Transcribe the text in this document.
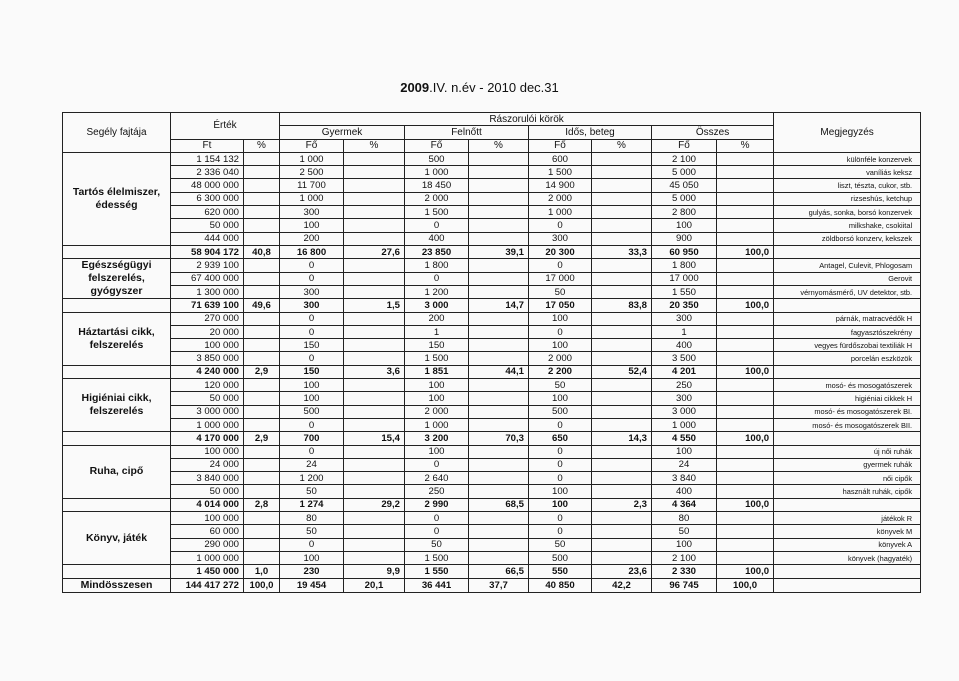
2009.IV. n.év - 2010 dec.31
Segély fajtája	Érték		Rászorulói körök								Megjegyzés
			Gyermek		Felnőtt		Idős, beteg		Összes		
	Ft	%	Fő	%	Fő	%	Fő	%	Fő	%	
Tartós élelmiszer, édesség	1 154 132		1 000		500		600		2 100		különféle konzervek
	2 336 040		2 500		1 000		1 500		5 000		vaníliás keksz
	48 000 000		11 700		18 450		14 900		45 050		liszt, tészta, cukor, stb.
	6 300 000		1 000		2 000		2 000		5 000		rizseshús, ketchup
	620 000		300		1 500		1 000		2 800		gulyás, sonka, borsó konzervek
	50 000		100		0		0		100		milkshake, csokiital
	444 000		200		400		300		900		zöldborsó konzerv, kekszek
	58 904 172	40,8	16 800	27,6	23 850	39,1	20 300	33,3	60 950	100,0	
Egészségügyi felszerelés, gyógyszer	2 939 100		0		1 800		0		1 800		Antagel, Culevit, Phlogosam
	67 400 000		0		0		17 000		17 000		Gerovit
	1 300 000		300		1 200		50		1 550		vérnyomásmérő, UV detektor, stb.
	71 639 100	49,6	300	1,5	3 000	14,7	17 050	83,8	20 350	100,0	
Háztartási cikk, felszerelés	270 000		0		200		100		300		párnák, matracvédők H
	20 000		0		1		0		1		fagyasztószekrény
	100 000		150		150		100		400		vegyes fürdőszobai textiliák H
	3 850 000		0		1 500		2 000		3 500		porcelán eszközök
	4 240 000	2,9	150	3,6	1 851	44,1	2 200	52,4	4 201	100,0	
Higiéniai cikk, felszerelés	120 000		100		100		50		250		mosó- és mosogatószerek
	50 000		100		100		100		300		higiéniai cikkek H
	3 000 000		500		2 000		500		3 000		mosó- és mosogatószerek BI.
	1 000 000		0		1 000		0		1 000		mosó- és mosogatószerek BII.
	4 170 000	2,9	700	15,4	3 200	70,3	650	14,3	4 550	100,0	
Ruha, cipő	100 000		0		100		0		100		új női ruhák
	24 000		24		0		0		24		gyermek ruhák
	3 840 000		1 200		2 640		0		3 840		női cipők
	50 000		50		250		100		400		használt ruhák, cipők
	4 014 000	2,8	1 274	29,2	2 990	68,5	100	2,3	4 364	100,0	
Könyv, játék	100 000		80		0		0		80		játékok R
	60 000		50		0		0		50		könyvek M
	290 000		0		50		50		100		könyvek A
	1 000 000		100		1 500		500		2 100		könyvek (hagyaték)
	1 450 000	1,0	230	9,9	1 550	66,5	550	23,6	2 330	100,0	
Mindösszesen	144 417 272	100,0	19 454	20,1	36 441	37,7	40 850	42,2	96 745	100,0	
